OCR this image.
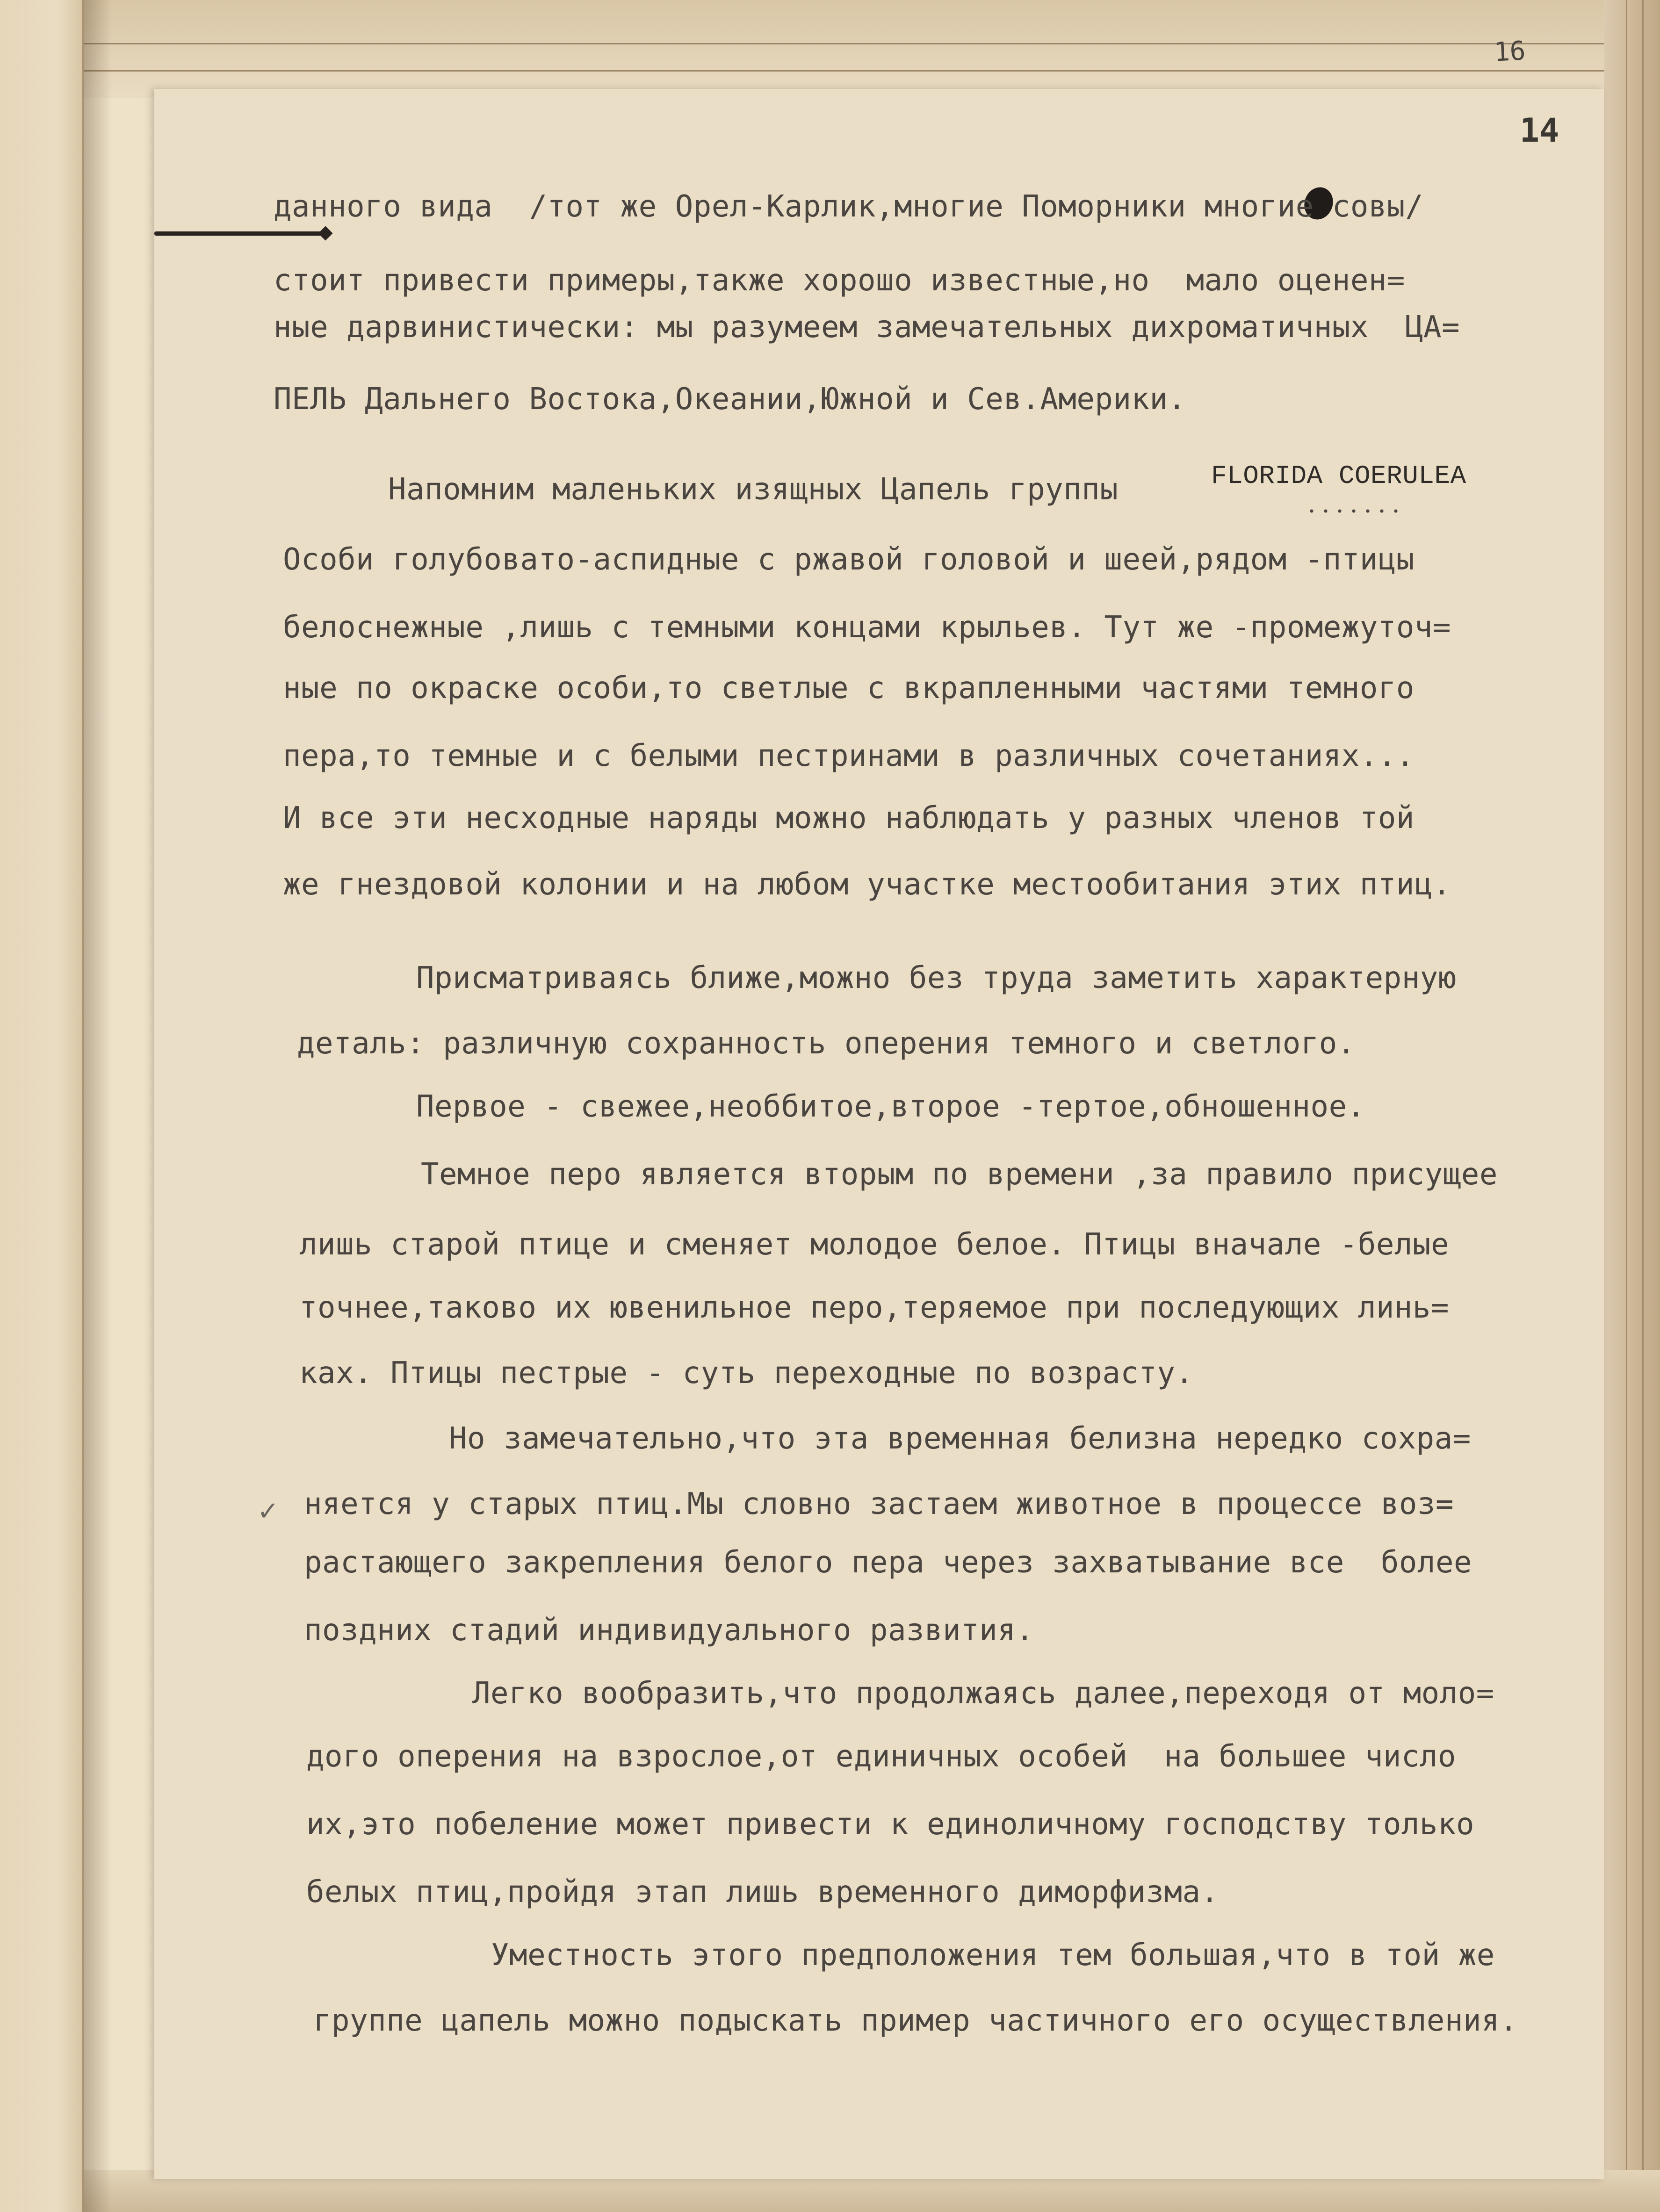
16
14
✓
данного вида  /тот же Орел-Карлик,многие Поморники многие совы/
стоит привести примеры,также хорошо известные,но  мало оценен=
ные дарвинистически: мы разумеем замечательных дихроматичных  ЦА=
ПЕЛЬ Дальнего Востока,Океании,Южной и Сев.Америки.
Напомним маленьких изящных Цапель группы	FLORIDA COERULEA
Особи голубовато-аспидные с ржавой головой и шеей,рядом -птицы
белоснежные ,лишь с темными концами крыльев. Тут же -промежуточ=
ные по окраске особи,то светлые с вкрапленными частями темного
пера,то темные и с белыми пестринами в различных сочетаниях...
И все эти несходные наряды можно наблюдать у разных членов той
же гнездовой колонии и на любом участке местообитания этих птиц.
Присматриваясь ближе,можно без труда заметить характерную
деталь: различную сохранность оперения темного и светлого.
Первое - свежее,необбитое,второе -тертое,обношенное.
Темное перо является вторым по времени ,за правило присущее
лишь старой птице и сменяет молодое белое. Птицы вначале -белые
точнее,таково их ювенильное перо,теряемое при последующих линь=
ках. Птицы пестрые - суть переходные по возрасту.
Но замечательно,что эта временная белизна нередко сохра=
няется у старых птиц.Мы словно застаем животное в процессе воз=
растающего закрепления белого пера через захватывание все  более
поздних стадий индивидуального развития.
Легко вообразить,что продолжаясь далее,переходя от моло=
дого оперения на взрослое,от единичных особей  на большее число
их,это побеление может привести к единоличному господству только
белых птиц,пройдя этап лишь временного диморфизма.
Уместность этого предположения тем большая,что в той же
группе цапель можно подыскать пример частичного его осуществления.
